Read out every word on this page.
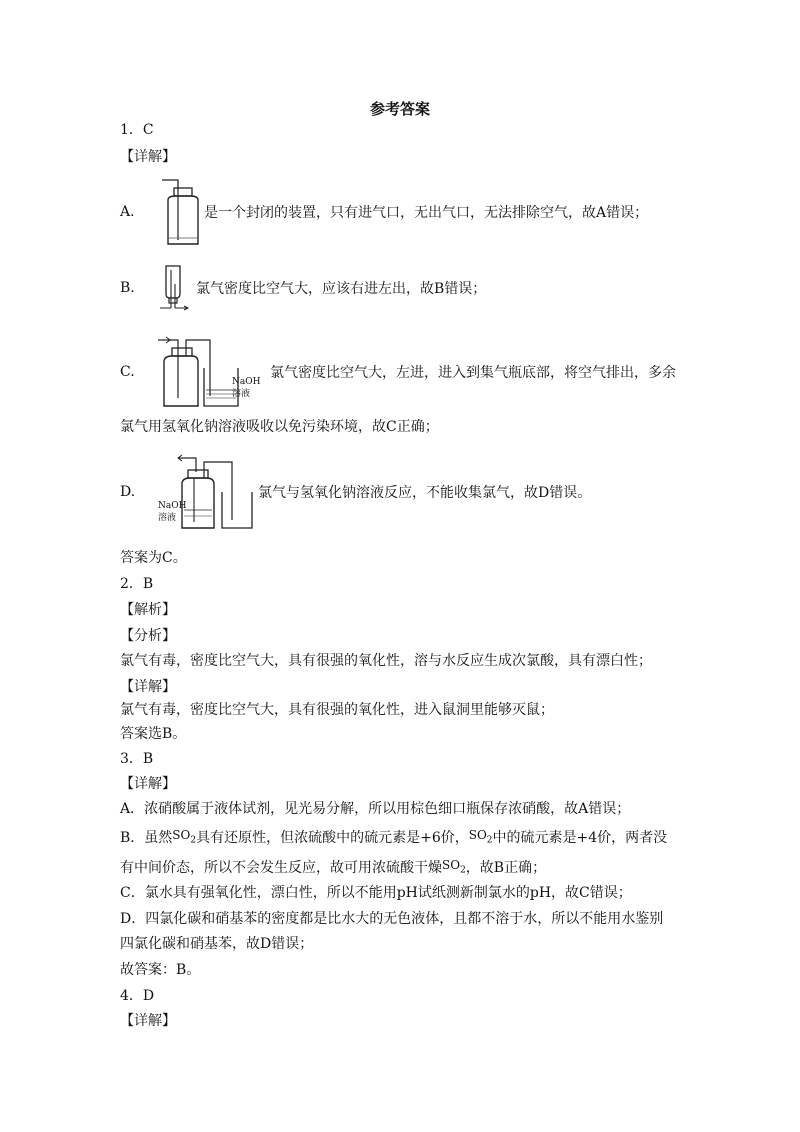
参考答案
1．C
【详解】
A.	是一个封闭的装置，只有进气口，无出气口，无法排除空气，故A错误；
B.	氯气密度比空气大，应该右进左出，故B错误；
C.
NaOH
溶液
氯气密度比空气大，左进，进入到集气瓶底部，将空气排出，多余
氯气用氢氧化钠溶液吸收以免污染环境，故C正确；
D.
NaOH
溶液
氯气与氢氧化钠溶液反应，不能收集氯气，故D错误。
答案为C。
2．B
【解析】
【分析】
氯气有毒，密度比空气大，具有很强的氧化性，溶与水反应生成次氯酸，具有漂白性；
【详解】
氯气有毒，密度比空气大，具有很强的氧化性，进入鼠洞里能够灭鼠；
答案选B。
3．B
【详解】
A．浓硝酸属于液体试剂，见光易分解，所以用棕色细口瓶保存浓硝酸，故A错误；
B．虽然$SO_2$具有还原性，但浓硫酸中的硫元素是+6价，$SO_2$中的硫元素是+4价，两者没
有中间价态，所以不会发生反应，故可用浓硫酸干燥$SO_2$，故B正确；
C．氯水具有强氧化性，漂白性，所以不能用pH试纸测新制氯水的pH，故C错误；
D．四氯化碳和硝基苯的密度都是比水大的无色液体，且都不溶于水，所以不能用水鉴别
四氯化碳和硝基苯，故D错误；
故答案：B。
4．D
【详解】
